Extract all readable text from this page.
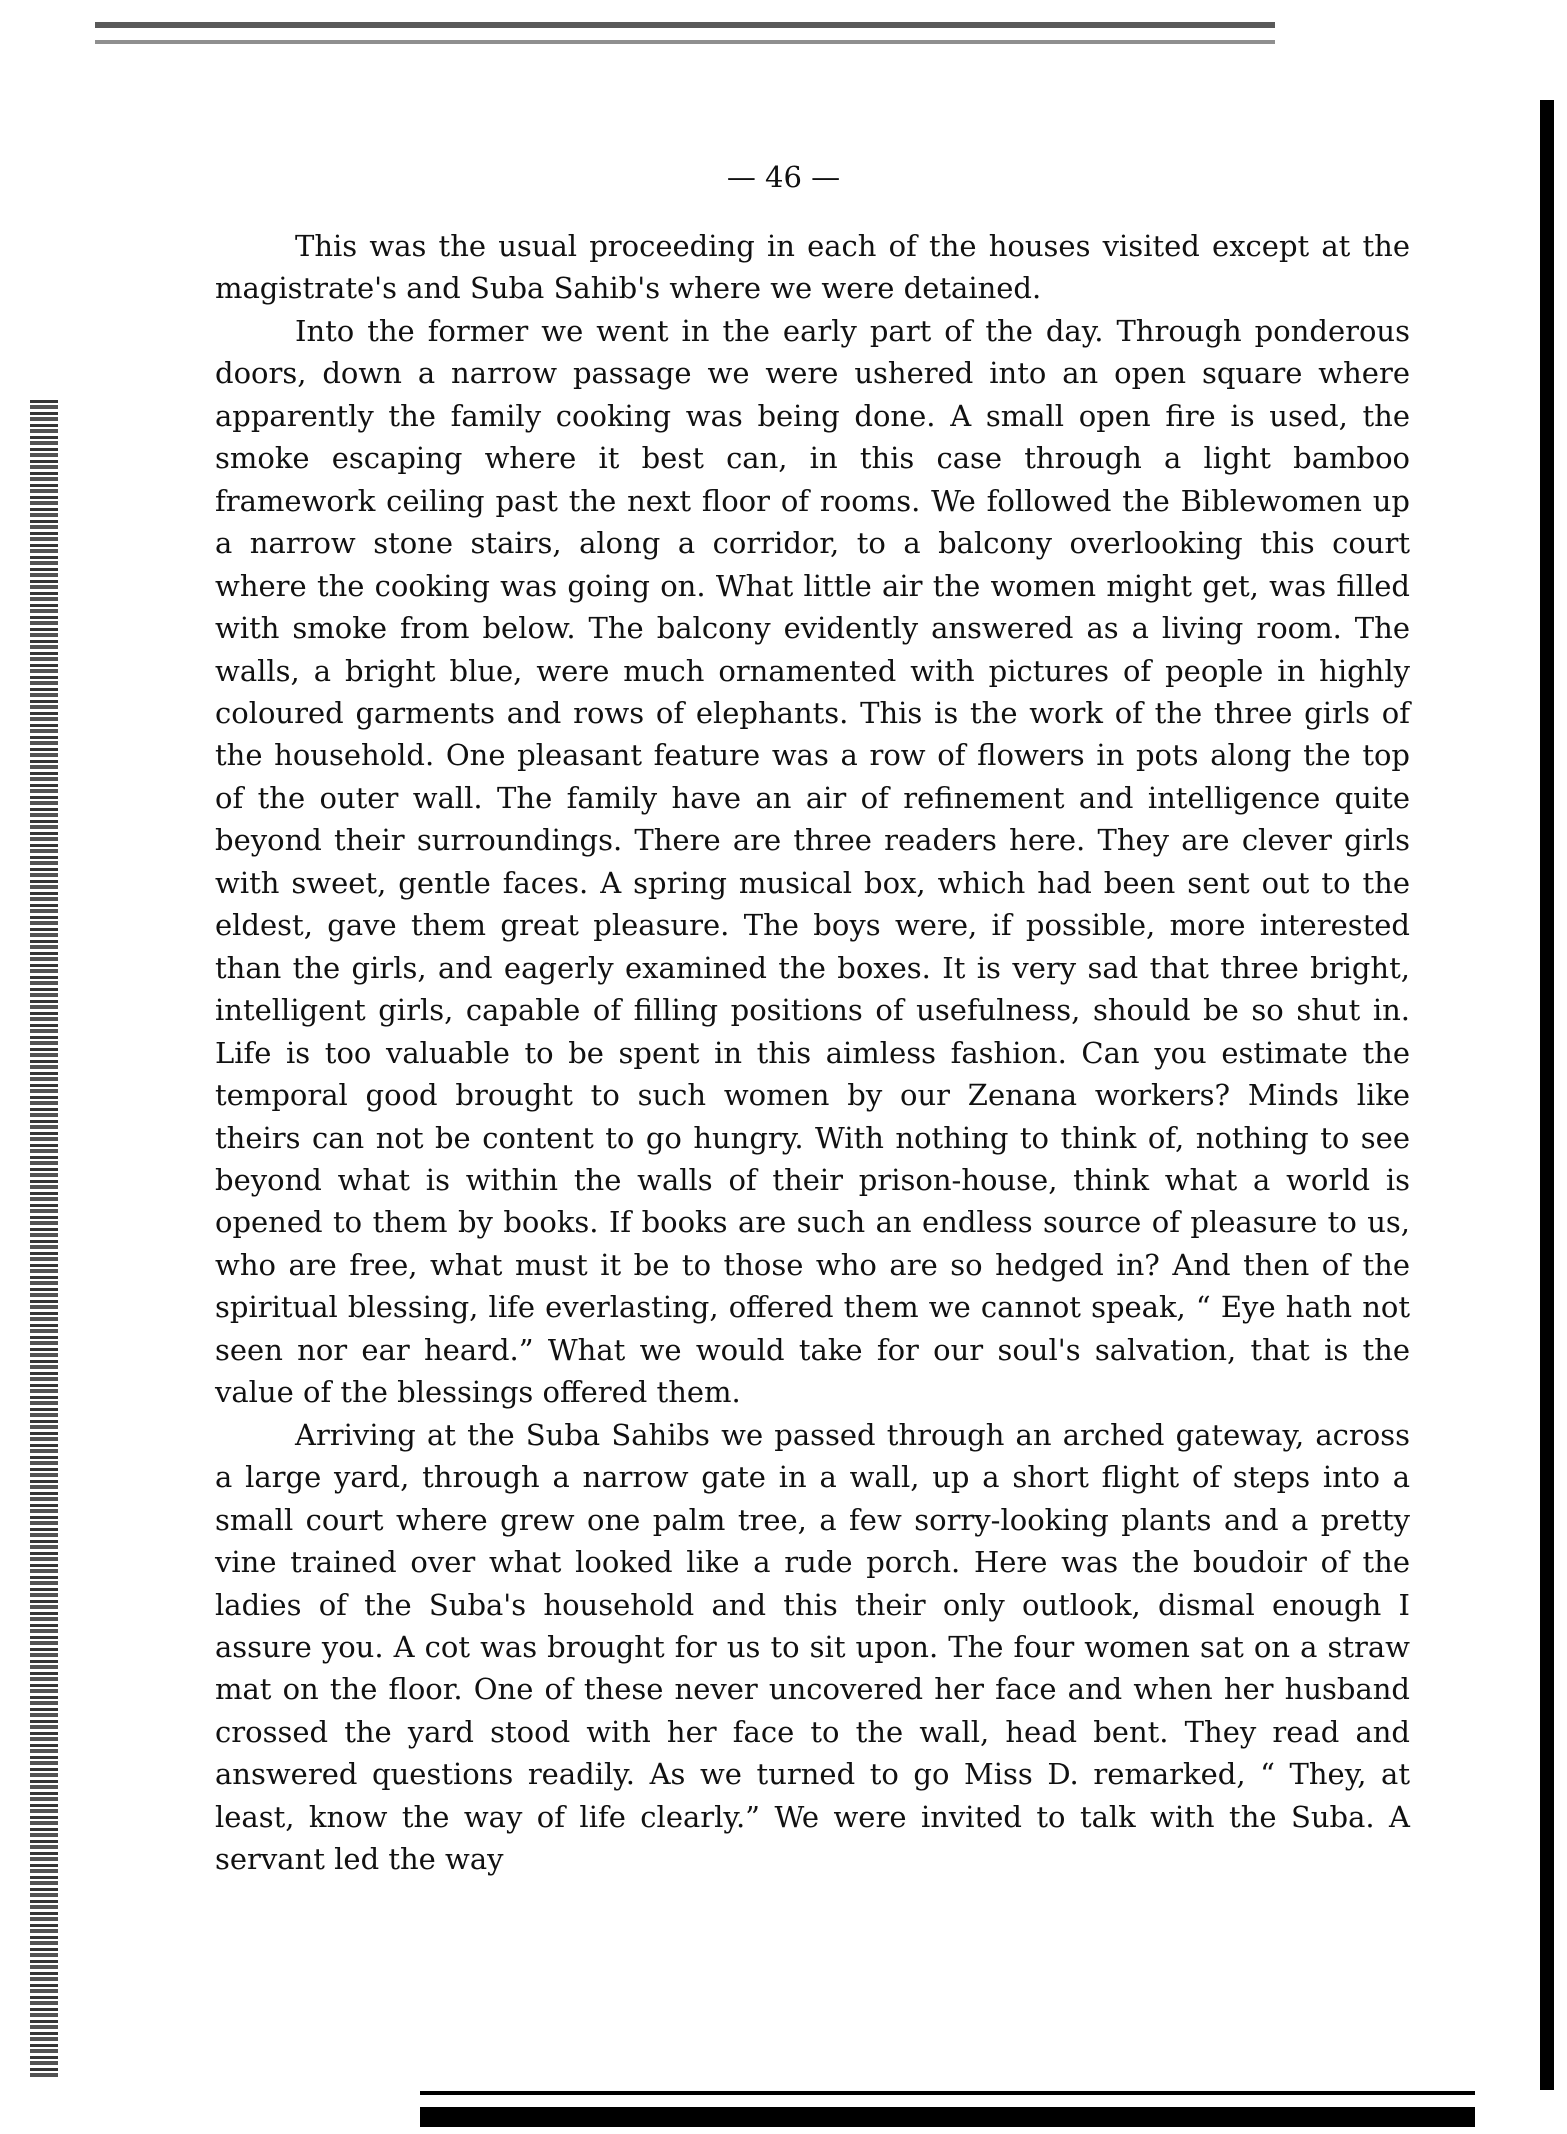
— 46 —

This was the usual proceeding in each of the houses visited except at the magistrate's and Suba Sahib's where we were detained.

Into the former we went in the early part of the day. Through ponderous doors, down a narrow passage we were ushered into an open square where apparently the family cooking was being done. A small open fire is used, the smoke escaping where it best can, in this case through a light bamboo framework ceiling past the next floor of rooms. We followed the Biblewomen up a narrow stone stairs, along a corridor, to a balcony overlooking this court where the cooking was going on. What little air the women might get, was filled with smoke from below. The balcony evidently answered as a living room. The walls, a bright blue, were much ornamented with pictures of people in highly coloured garments and rows of elephants. This is the work of the three girls of the household. One pleasant feature was a row of flowers in pots along the top of the outer wall. The family have an air of refinement and intelligence quite beyond their surroundings. There are three readers here. They are clever girls with sweet, gentle faces. A spring musical box, which had been sent out to the eldest, gave them great pleasure. The boys were, if possible, more interested than the girls, and eagerly examined the boxes. It is very sad that three bright, intelligent girls, capable of filling positions of usefulness, should be so shut in. Life is too valuable to be spent in this aimless fashion. Can you estimate the temporal good brought to such women by our Zenana workers? Minds like theirs can not be content to go hungry. With nothing to think of, nothing to see beyond what is within the walls of their prison-house, think what a world is opened to them by books. If books are such an endless source of pleasure to us, who are free, what must it be to those who are so hedged in? And then of the spiritual blessing, life everlasting, offered them we cannot speak, “ Eye hath not seen nor ear heard.” What we would take for our soul's salvation, that is the value of the blessings offered them.

Arriving at the Suba Sahibs we passed through an arched gateway, across a large yard, through a narrow gate in a wall, up a short flight of steps into a small court where grew one palm tree, a few sorry-looking plants and a pretty vine trained over what looked like a rude porch. Here was the boudoir of the ladies of the Suba's household and this their only outlook, dismal enough I assure you. A cot was brought for us to sit upon. The four women sat on a straw mat on the floor. One of these never uncovered her face and when her husband crossed the yard stood with her face to the wall, head bent. They read and answered questions readily. As we turned to go Miss D. remarked, “ They, at least, know the way of life clearly.” We were invited to talk with the Suba. A servant led the way
